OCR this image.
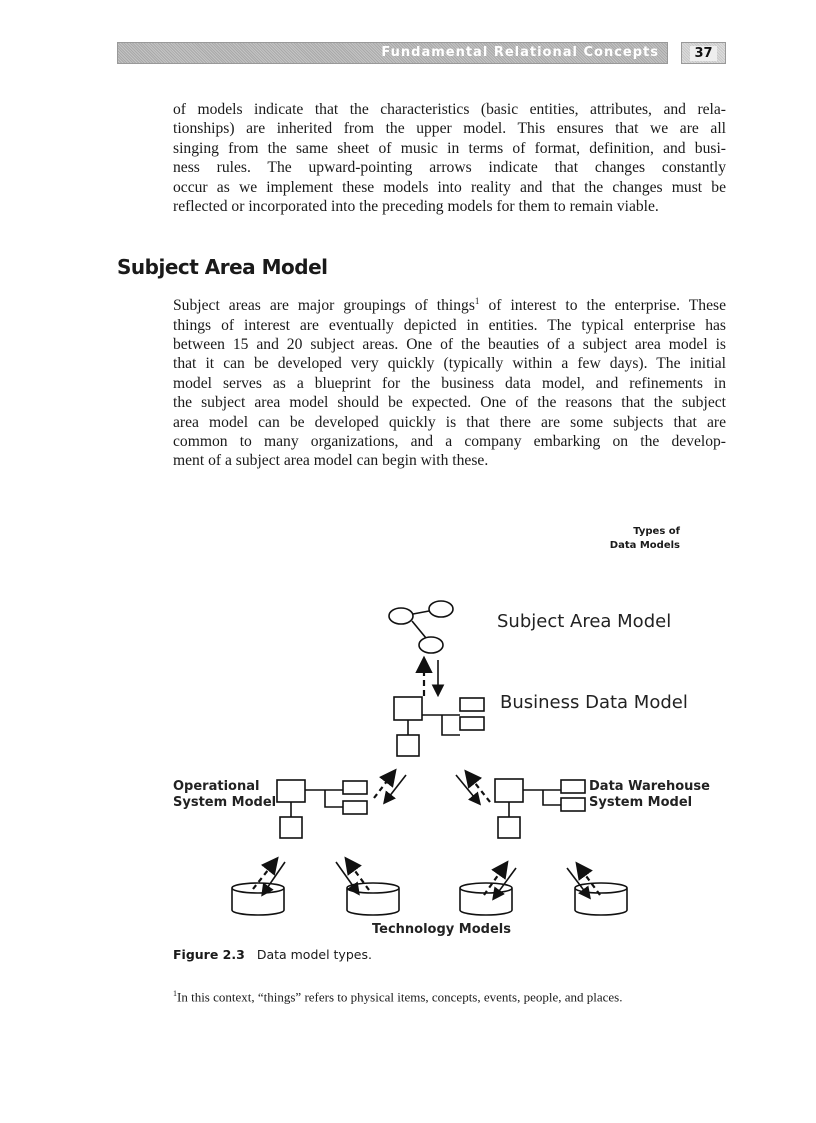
Fundamental Relational Concepts	37
of models indicate that the characteristics (basic entities, attributes, and rela-
tionships) are inherited from the upper model. This ensures that we are all
singing from the same sheet of music in terms of format, definition, and busi-
ness rules. The upward-pointing arrows indicate that changes constantly
occur as we implement these models into reality and that the changes must be
reflected or incorporated into the preceding models for them to remain viable.
Subject Area Model
Subject areas are major groupings of things$^1$ of interest to the enterprise. These
things of interest are eventually depicted in entities. The typical enterprise has
between 15 and 20 subject areas. One of the beauties of a subject area model is
that it can be developed very quickly (typically within a few days). The initial
model serves as a blueprint for the business data model, and refinements in
the subject area model should be expected. One of the reasons that the subject
area model can be developed quickly is that there are some subjects that are
common to many organizations, and a company embarking on the develop-
ment of a subject area model can begin with these.
Types of
Data Models
Subject Area Model
Business Data Model
Operational
System Model
Data Warehouse
System Model
Technology Models
Figure 2.3 Data model types.
$^1$In this context, “things” refers to physical items, concepts, events, people, and places.
